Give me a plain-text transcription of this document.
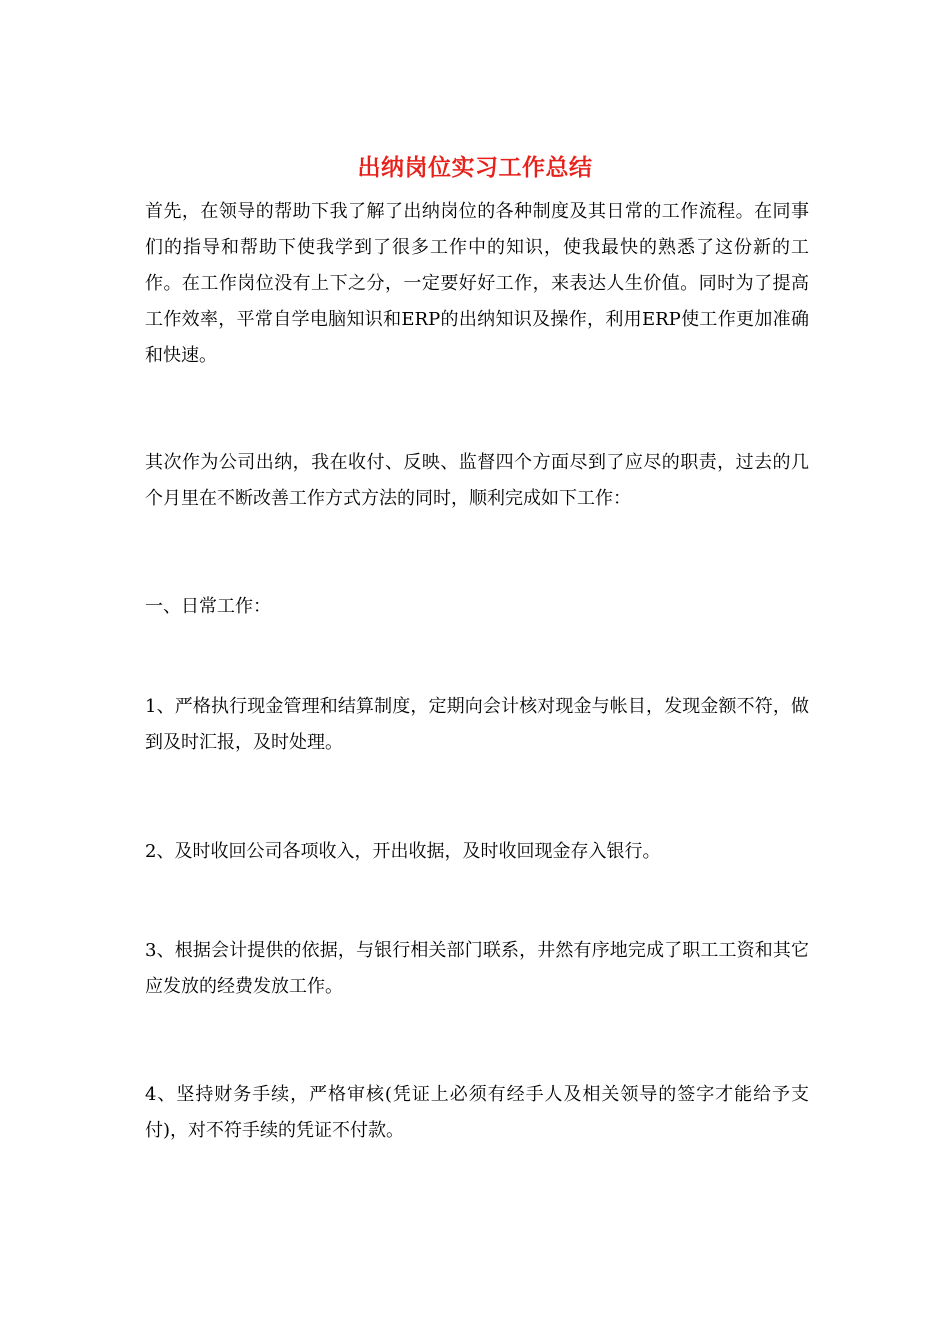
出纳岗位实习工作总结

首先，在领导的帮助下我了解了出纳岗位的各种制度及其日常的工作流程。在同事们的指导和帮助下使我学到了很多工作中的知识，使我最快的熟悉了这份新的工作。在工作岗位没有上下之分，一定要好好工作，来表达人生价值。同时为了提高工作效率，平常自学电脑知识和ERP的出纳知识及操作，利用ERP使工作更加准确和快速。

其次作为公司出纳，我在收付、反映、监督四个方面尽到了应尽的职责，过去的几个月里在不断改善工作方式方法的同时，顺利完成如下工作：

一、日常工作：

1、严格执行现金管理和结算制度，定期向会计核对现金与帐目，发现金额不符，做到及时汇报，及时处理。

2、及时收回公司各项收入，开出收据，及时收回现金存入银行。

3、根据会计提供的依据，与银行相关部门联系，井然有序地完成了职工工资和其它应发放的经费发放工作。

4、坚持财务手续，严格审核(凭证上必须有经手人及相关领导的签字才能给予支付)，对不符手续的凭证不付款。
